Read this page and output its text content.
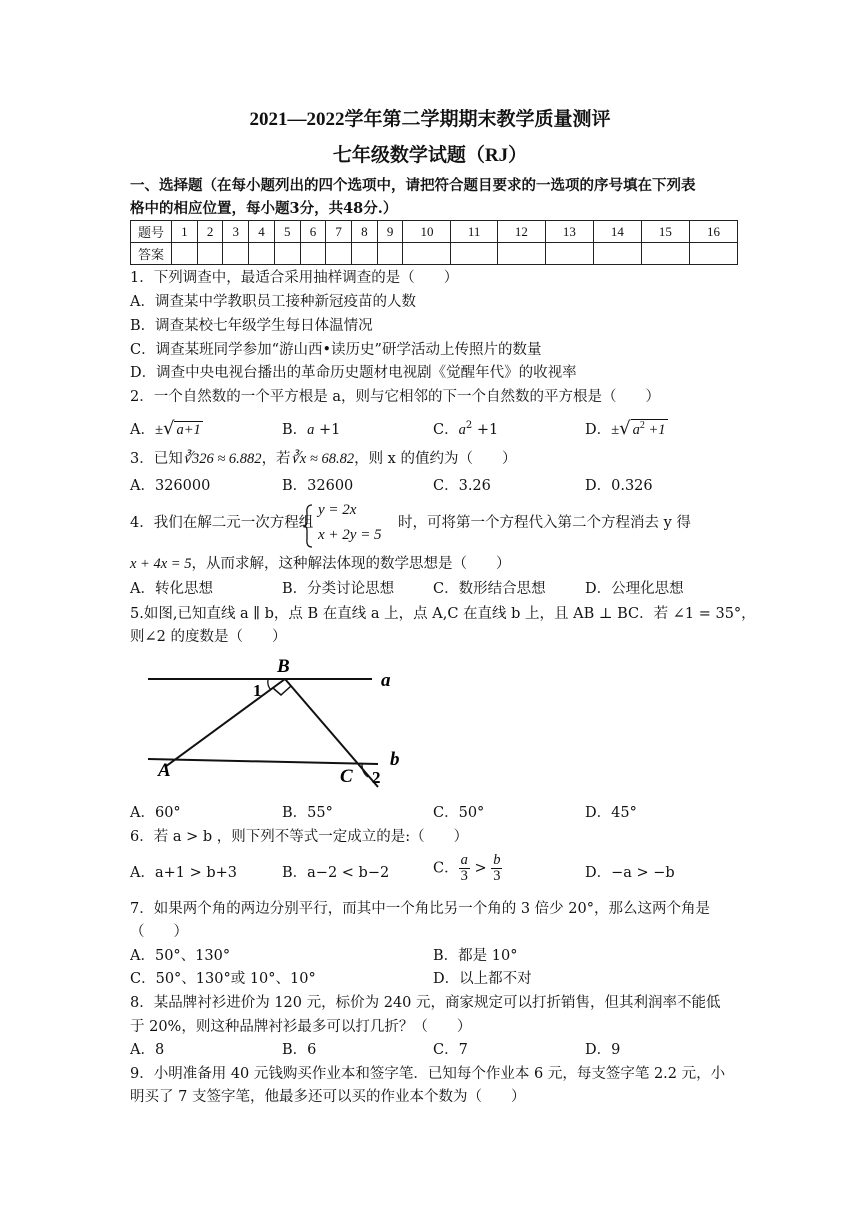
2021—2022学年第二学期期末教学质量测评
七年级数学试题（RJ）
一、选择题（在每小题列出的四个选项中，请把符合题目要求的一选项的序号填在下列表
格中的相应位置，每小题3分，共48分.）
题号	1	2	3	4	5	6	7	8	9	10	11	12	13	14	15	16
答案																
1．下列调查中，最适合采用抽样调查的是（　　）
A．调查某中学教职员工接种新冠疫苗的人数
B．调查某校七年级学生每日体温情况
C．调查某班同学参加“游山西•读历史”研学活动上传照片的数量
D．调查中央电视台播出的革命历史题材电视剧《觉醒年代》的收视率
2．一个自然数的一个平方根是 a，则与它相邻的下一个自然数的平方根是（　　）
A．±√ a+1	B．a +1	C．$a^2 +1$	D．±√ $a^2 +1$
3．已知∛326 ≈ 6.882，若∛x ≈ 68.82，则 x 的值约为（　　）
A．326000	B．32600	C．3.26	D．0.326
4．我们在解二元一次方程组
y = 2x
x + 2y = 5
时，可将第一个方程代入第二个方程消去 y 得
x + 4x = 5，从而求解，这种解法体现的数学思想是（　　）
A．转化思想	B．分类讨论思想	C．数形结合思想	D．公理化思想
5.如图,已知直线 a ∥ b，点 B 在直线 a 上，点 A,C 在直线 b 上，且 AB ⊥ BC．若 ∠1 = 35°，
则∠2 的度数是（　　）
B
a
1
A	C 2
b
A．60°	B．55°	C．50°	D．45°
6．若 a > b ，则下列不等式一定成立的是:（　　）
A．a+1 > b+3	B．a−2 < b−2	C． $\frac{a}{3} > \frac{b}{3}$	D．−a > −b
7．如果两个角的两边分别平行，而其中一个角比另一个角的 3 倍少 20°，那么这两个角是
（　　）
A．50°、130°	B．都是 10°
C．50°、130°或 10°、10°	D．以上都不对
8．某品牌衬衫进价为 120 元，标价为 240 元，商家规定可以打折销售，但其利润率不能低
于 20%，则这种品牌衬衫最多可以打几折？（　　）
A．8	B．6	C．7	D．9
9．小明准备用 40 元钱购买作业本和签字笔．已知每个作业本 6 元，每支签字笔 2.2 元，小
明买了 7 支签字笔，他最多还可以买的作业本个数为（　　）
